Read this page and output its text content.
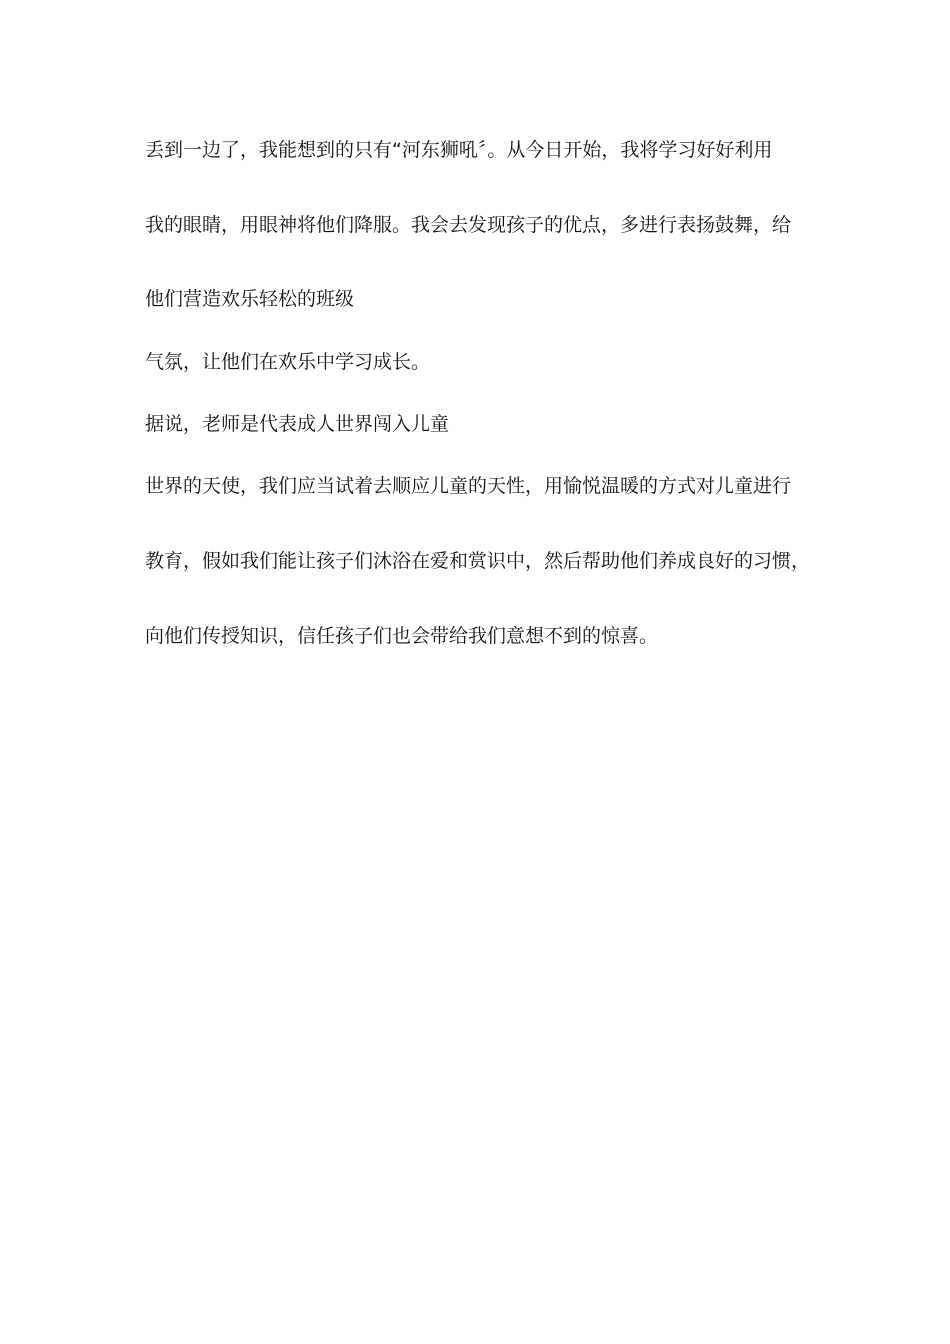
丢到一边了，我能想到的只有“河东狮吼〞。从今日开始，我将学习好好利用
我的眼睛，用眼神将他们降服。我会去发现孩子的优点，多进行表扬鼓舞，给
他们营造欢乐轻松的班级
气氛，让他们在欢乐中学习成长。
据说，老师是代表成人世界闯入儿童
世界的天使，我们应当试着去顺应儿童的天性，用愉悦温暖的方式对儿童进行
教育，假如我们能让孩子们沐浴在爱和赏识中，然后帮助他们养成良好的习惯，
向他们传授知识，信任孩子们也会带给我们意想不到的惊喜。
